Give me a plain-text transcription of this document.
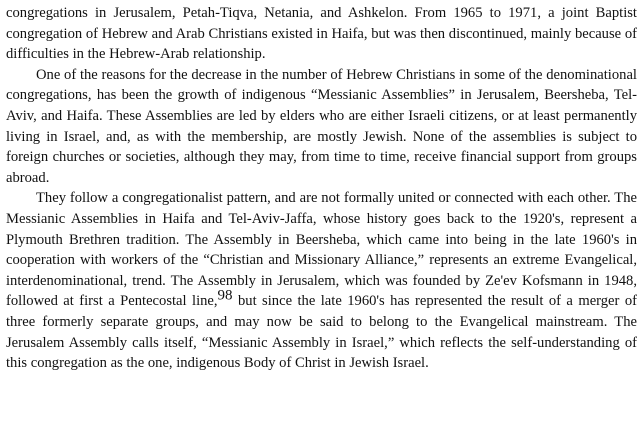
congregations in Jerusalem, Petah-Tiqva, Netania, and Ashkelon. From 1965 to 1971, a joint Baptist congregation of Hebrew and Arab Christians existed in Haifa, but was then discontinued, mainly because of difficulties in the Hebrew-Arab relationship.

One of the reasons for the decrease in the number of Hebrew Christians in some of the denominational congregations, has been the growth of indigenous “Messianic Assemblies” in Jerusalem, Beersheba, Tel-Aviv, and Haifa. These Assemblies are led by elders who are either Israeli citizens, or at least permanently living in Israel, and, as with the membership, are mostly Jewish. None of the assemblies is subject to foreign churches or societies, although they may, from time to time, receive financial support from groups abroad.

They follow a congregationalist pattern, and are not formally united or connected with each other. The Messianic Assemblies in Haifa and Tel-Aviv-Jaffa, whose history goes back to the 1920's, represent a Plymouth Brethren tradition. The Assembly in Beersheba, which came into being in the late 1960's in cooperation with workers of the “Christian and Missionary Alliance,” represents an extreme Evangelical, interdenominational, trend. The Assembly in Jerusalem, which was founded by Ze'ev Kofsmann in 1948, followed at first a Pentecostal line,$^{98}$ but since the late 1960's has represented the result of a merger of three formerly separate groups, and may now be said to belong to the Evangelical mainstream. The Jerusalem Assembly calls itself, “Messianic Assembly in Israel,” which reflects the self-understanding of this congregation as the one, indigenous Body of Christ in Jewish Israel.
